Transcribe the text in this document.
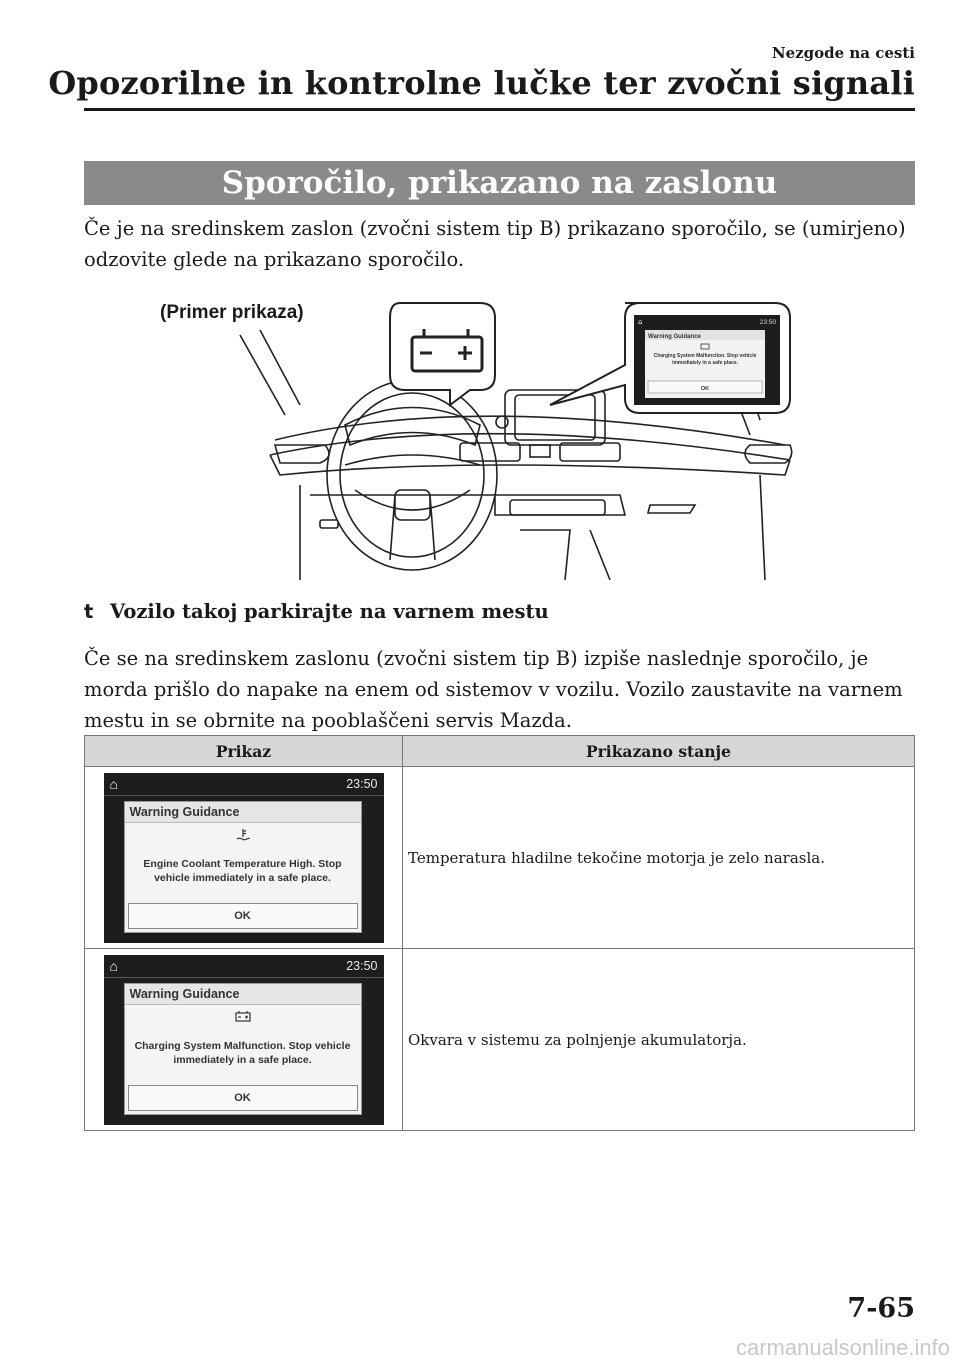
Nezgode na cesti
Opozorilne in kontrolne lučke ter zvočni signali
Sporočilo, prikazano na zaslonu
Če je na sredinskem zaslon (zvočni sistem tip B) prikazano sporočilo, se (umirjeno) odzovite glede na prikazano sporočilo.
(Primer prikaza)	⌂	23:50
Warning Guidance
Charging System Malfunction. Stop vehicle immediately in a safe place.
OK
t Vozilo takoj parkirajte na varnem mestu
Če se na sredinskem zaslonu (zvočni sistem tip B) izpiše naslednje sporočilo, je morda prišlo do napake na enem od sistemov v vozilu. Vozilo zaustavite na varnem mestu in se obrnite na pooblaščeni servis Mazda.
Prikaz	Prikazano stanje

⌂ 23:50
Warning Guidance
Engine Coolant Temperature High. Stop vehicle immediately in a safe place.
OK	Temperatura hladilne tekočine motorja je zelo narasla.

⌂ 23:50
Warning Guidance
Charging System Malfunction. Stop vehicle immediately in a safe place.
OK	Okvara v sistemu za polnjenje akumulatorja.
7-65
carmanualsonline.info
